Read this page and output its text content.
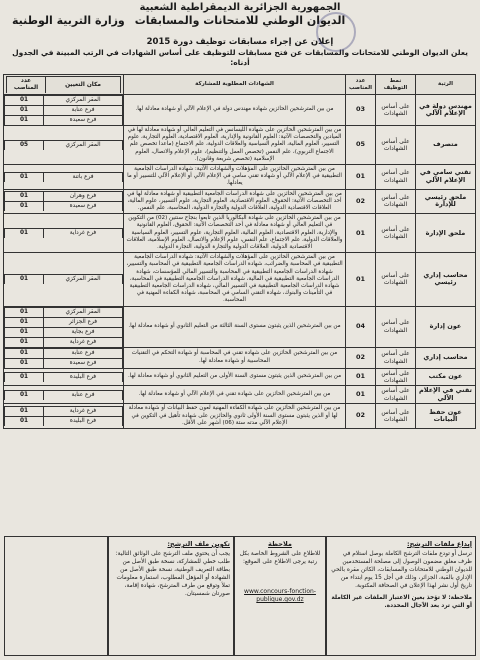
الجمهورية الجزائرية الديمقراطية الشعبية
الديوان الوطني للامتحانات والمسابقات
وزارة التربية الوطنية
إعلان عن إجراء مسابقات توظيف دورة 2015
يعلن الديوان الوطني للامتحانات والمسابقات عن فتح مسابقات للتوظيف على أساس الشهادات في الرتب المبينة في الجدول أدناه:
الرتبة	نمط التوظيف	عدد المناصب	الشهادات المطلوبة للمشاركة	
مكان التعيين	عدد المناصب

مهندس دولة في الإعلام الآلي	على أساس الشهادات	03	من بين المترشحين الحائزين شهادة مهندس دولة في الإعلام الآلي أو شهادة معادلة لها.	
المقر المركزي	01
فرع عنابة	01
فرع سعيدة	01

متصرف	على أساس الشهادات	05	من بين المترشحين الحائزين على شهادة الليسانس في التعليم العالي أو شهادة معادلة لها في الميادين والتخصصات الآتية: العلوم القانونية والإدارية، العلوم الاقتصادية، العلوم التجارية، علوم التسيير، العلوم المالية، العلوم السياسية والعلاقات الدولية، علم الاجتماع (ماعدا تخصص علم الاجتماع التربوي)، علم النفس (تخصص العمل والتنظيم)، علوم الإعلام والاتصال، العلوم الإسلامية (تخصص شريعة وقانون).	
المقر المركزي	05

تقني سامي في الإعلام الآلي	على أساس الشهادات	01	من بين المترشحين الحائزين على المؤهلات والشهادات الآتية: شهادة الدراسات الجامعية التطبيقية في الإعلام الآلي أو شهادة تقني سامي في الإعلام الآلي أو الإعلام الآلي للتسيير أو ما يعادلها.	
فرع باتنة	01

ملحق رئيسي للإدارة	على أساس الشهادات	02	من بين المترشحين الحائزين على شهادة الدراسات الجامعية التطبيقية أو شهادة معادلة لها في أحد التخصصات الآتية: الحقوق، العلوم الاقتصادية، العلوم التجارية، علوم التسيير، علوم المالية، العلاقات الاقتصادية الدولية، العلاقات الدولية والتجارة الدولية، المحاسبة، علم النفس.	
فرع وهران	01
فرع سعيدة	01

ملحق الإدارة	على أساس الشهادات	01	من بين المترشحين الحائزين على شهادة البكالوريا الذين تابعوا بنجاح سنتين (02) من التكوين في التعليم العالي أو شهادة معادلة في أحد التخصصات الآتية: الحقوق، العلوم القانونية والإدارية، العلوم الاقتصادية، العلوم المالية، العلوم التجارية، علوم التسيير، العلوم السياسية والعلاقات الدولية، علم الاجتماع، علم النفس، علوم الإعلام والاتصال، العلوم الإسلامية، العلاقات الاقتصادية الدولية، العلاقات الدولية والتجارة الدولية، التجارة الدولية.	
فرع غرداية	01

محاسب إداري رئيسي	على أساس الشهادات	01	من بين المترشحين الحائزين على المؤهلات والشهادات الآتية: شهادة الدراسات الجامعية التطبيقية في المحاسبة والضرائب، شهادة الدراسات الجامعية التطبيقية في المحاسبة والتسيير، شهادة الدراسات الجامعية التطبيقية في المحاسبة والتسيير المالي للمؤسسات، شهادة الدراسات الجامعية التطبيقية في المالية، شهادة الدراسات الجامعية التطبيقية في المحاسبة، شهادة الدراسات الجامعية التطبيقية في التسيير المالي، شهادة الدراسات الجامعية التطبيقية في التأمينات والبنوك، شهادة التقني السامي في المحاسبة، شهادة الكفاءة المهنية في المحاسبة.	
المقر المركزي	01

عون إدارة	على أساس الشهادات	04	من بين المترشحين الذين يثبتون مستوى السنة الثالثة من التعليم الثانوي أو شهادة معادلة لها.	
المقر المركزي	01
فرع الجزائر	01
فرع بجاية	01
فرع غرداية	01

محاسب إداري	على أساس الشهادات	02	من بين المترشحين الحائزين على شهادة تقني في المحاسبة أو شهادة التحكم في التقنيات المحاسبية أو شهادة معادلة لها.	
فرع عنابة	01
فرع سعيدة	01

عون مكتب	على أساس الشهادات	01	من بين المترشحين الذين يثبتون مستوى السنة الأولى من التعليم الثانوي أو شهادة معادلة لها.	
فرع البليدة	01

تقني في الإعلام الآلي	على أساس الشهادات	01	من بين المترشحين الحائزين على شهادة تقني في الإعلام الآلي أو شهادة معادلة لها.	
فرع عنابة	01

عون حفظ البيانات	على أساس الشهادات	02	من بين المترشحين الحائزين على شهادة الكفاءة المهنية لعون حفظ البيانات أو شهادة معادلة لها أو الذين يثبتون مستوى السنة الأولى ثانوي والحائزين على شهادة تأهيل في التكوين في الإعلام الآلي مدته ستة (06) أشهر على الأقل.	
فرع غرداية	01
فرع البليدة	01
إيداع ملفات الترشح:
ترسل أو تودع ملفات الترشح الكاملة بوصل استلام في ظرف مغلق مضمون الوصول إلى مصلحة المستخدمين للديوان الوطني للامتحانات والمسابقات، الكائن مقره بالحي الإداري بالقبة، الجزائر، وذلك في أجل 15 يوم ابتداء من تاريخ أول نشر لهذا الإعلان في الصحافة المكتوبة.
ملاحظة: لا تؤخذ بعين الاعتبار الملفات غير الكاملة أو التي ترد بعد الآجال المحددة.
ملاحظة
للاطلاع على الشروط الخاصة بكل رتبة يرجى الاطلاع على الموقع:
www.concours-fonction-publique.gov.dz
تكوين ملف الترشح:
يجب أن يحتوي ملف الترشح على الوثائق التالية: طلب خطي للمشاركة، نسخة طبق الأصل من بطاقة التعريف الوطنية، نسخة طبق الأصل من الشهادة أو المؤهل المطلوب، استمارة معلومات تملأ وتوقع من طرف المترشح، شهادة إقامة، صورتان شمسيتان.
